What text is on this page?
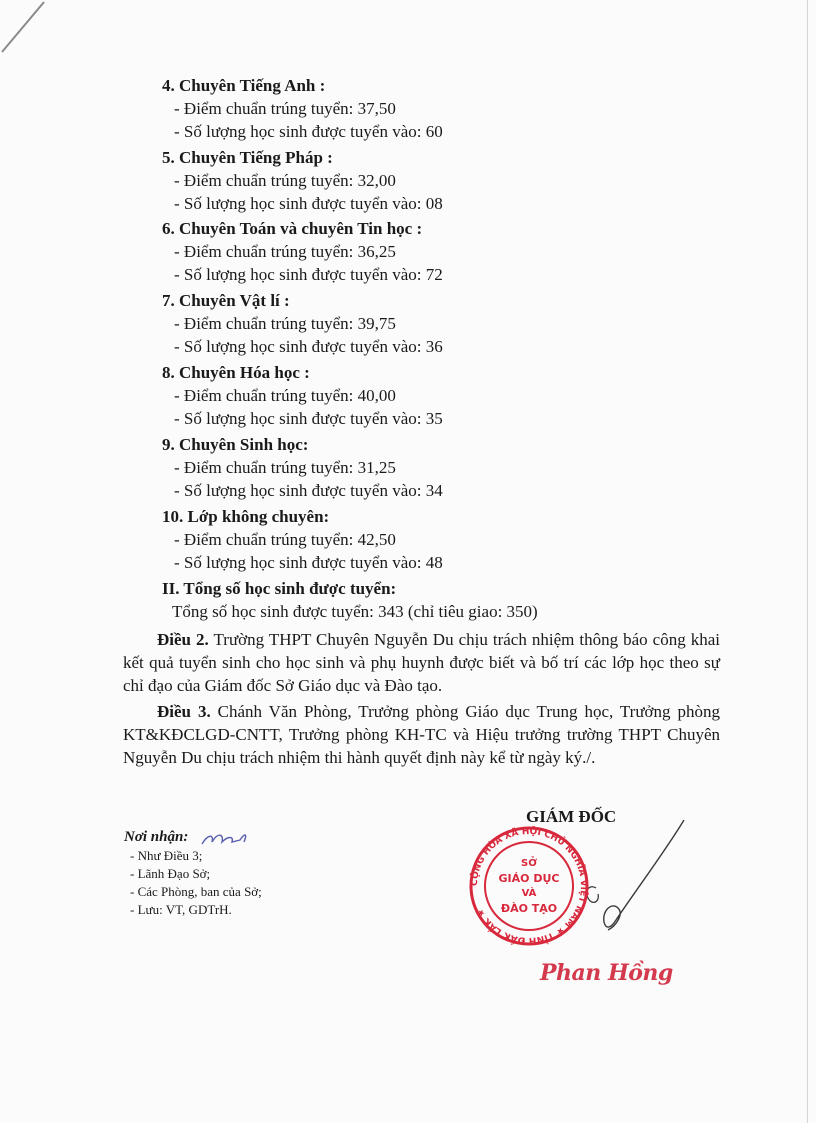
4. Chuyên Tiếng Anh :
- Điểm chuẩn trúng tuyển: 37,50
- Số lượng học sinh được tuyển vào: 60
5. Chuyên Tiếng Pháp :
- Điểm chuẩn trúng tuyển: 32,00
- Số lượng học sinh được tuyển vào: 08
6. Chuyên Toán và chuyên Tin học :
- Điểm chuẩn trúng tuyển: 36,25
- Số lượng học sinh được tuyển vào: 72
7. Chuyên Vật lí :
- Điểm chuẩn trúng tuyển: 39,75
- Số lượng học sinh được tuyển vào: 36
8. Chuyên Hóa học :
- Điểm chuẩn trúng tuyển: 40,00
- Số lượng học sinh được tuyển vào: 35
9. Chuyên Sinh học:
- Điểm chuẩn trúng tuyển: 31,25
- Số lượng học sinh được tuyển vào: 34
10. Lớp không chuyên:
- Điểm chuẩn trúng tuyển: 42,50
- Số lượng học sinh được tuyển vào: 48
II. Tổng số học sinh được tuyển:
Tổng số học sinh được tuyển: 343 (chỉ tiêu giao: 350)

Điều 2. Trường THPT Chuyên Nguyễn Du chịu trách nhiệm thông báo công khai kết quả tuyển sinh cho học sinh và phụ huynh được biết và bố trí các lớp học theo sự chỉ đạo của Giám đốc Sở Giáo dục và Đào tạo.

Điều 3. Chánh Văn Phòng, Trưởng phòng Giáo dục Trung học, Trưởng phòng KT&KĐCLGD-CNTT, Trưởng phòng KH-TC và Hiệu trưởng trường THPT Chuyên Nguyễn Du chịu trách nhiệm thi hành quyết định này kể từ ngày ký./.

Nơi nhận:
- Như Điều 3;
- Lãnh Đạo Sở;
- Các Phòng, ban của Sở;
- Lưu: VT, GDTrH.
GIÁM ĐỐC
CỘNG HÒA XÃ HỘI CHỦ NGHĨA VIỆT NAM ★ TỈNH ĐẮK LẮK ★
SỞ
GIÁO DỤC
VÀ
ĐÀO TẠO
Phan Hồng
